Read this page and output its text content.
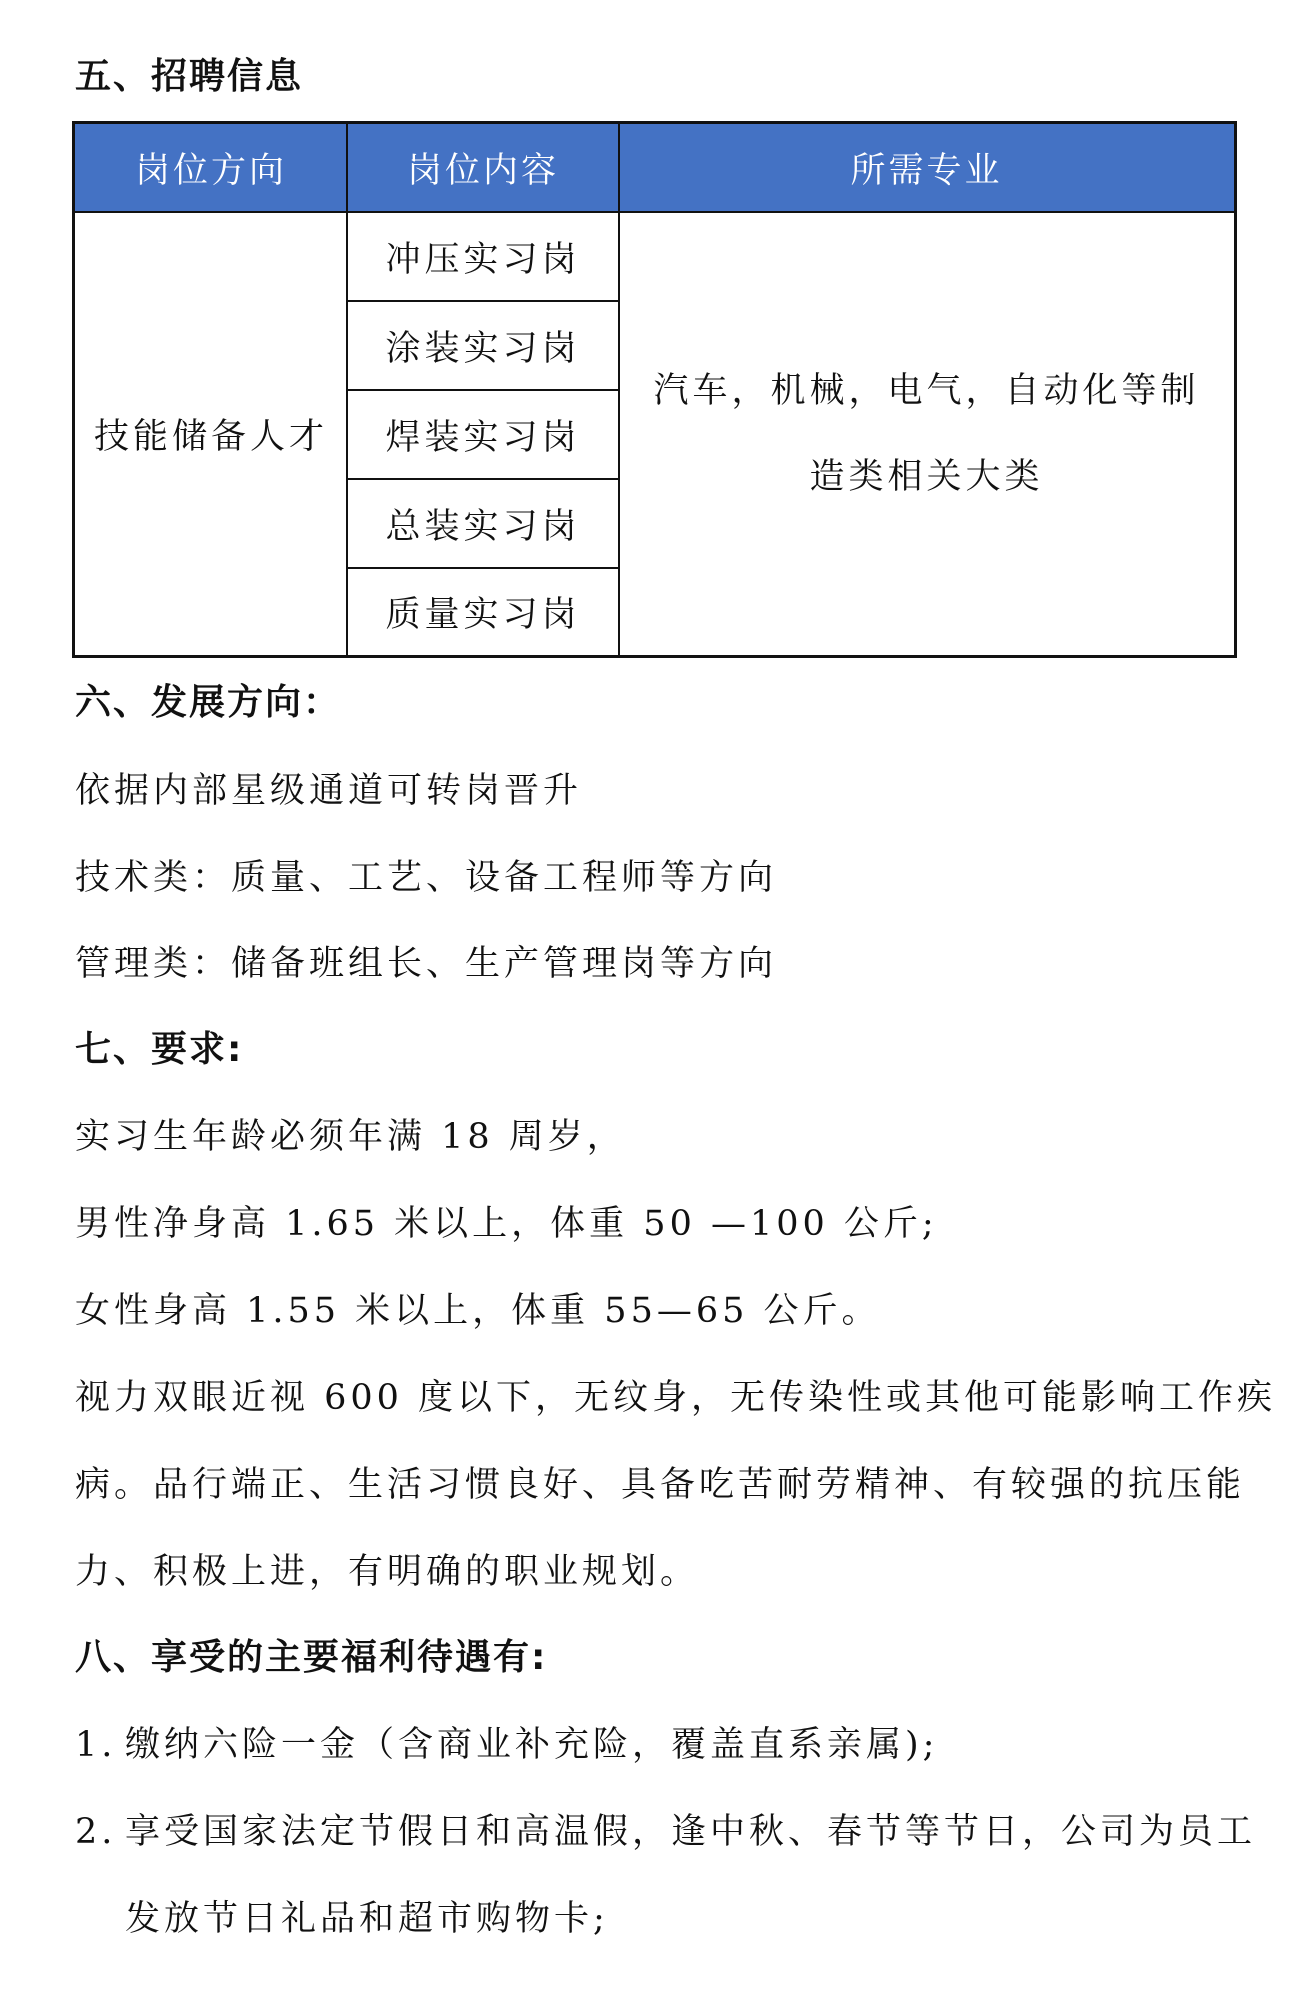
五、招聘信息
岗位方向	岗位内容	所需专业
技能储备人才
冲压实习岗
涂装实习岗
焊装实习岗
总装实习岗
质量实习岗
汽车，机械，电气，自动化等制造类相关大类
六、发展方向：
依据内部星级通道可转岗晋升
技术类：质量、工艺、设备工程师等方向
管理类：储备班组长、生产管理岗等方向
七、要求:
实习生年龄必须年满 18 周岁，
男性净身高 1.65 米以上，体重 50 —100 公斤;
女性身高 1.55 米以上，体重 55—65 公斤。
视力双眼近视 600 度以下，无纹身，无传染性或其他可能影响工作疾
病。品行端正、生活习惯良好、具备吃苦耐劳精神、有较强的抗压能
力、积极上进，有明确的职业规划。
八、享受的主要福利待遇有:
1. 缴纳六险一金（含商业补充险，覆盖直系亲属);
2. 享受国家法定节假日和高温假，逢中秋、春节等节日，公司为员工
发放节日礼品和超市购物卡;
